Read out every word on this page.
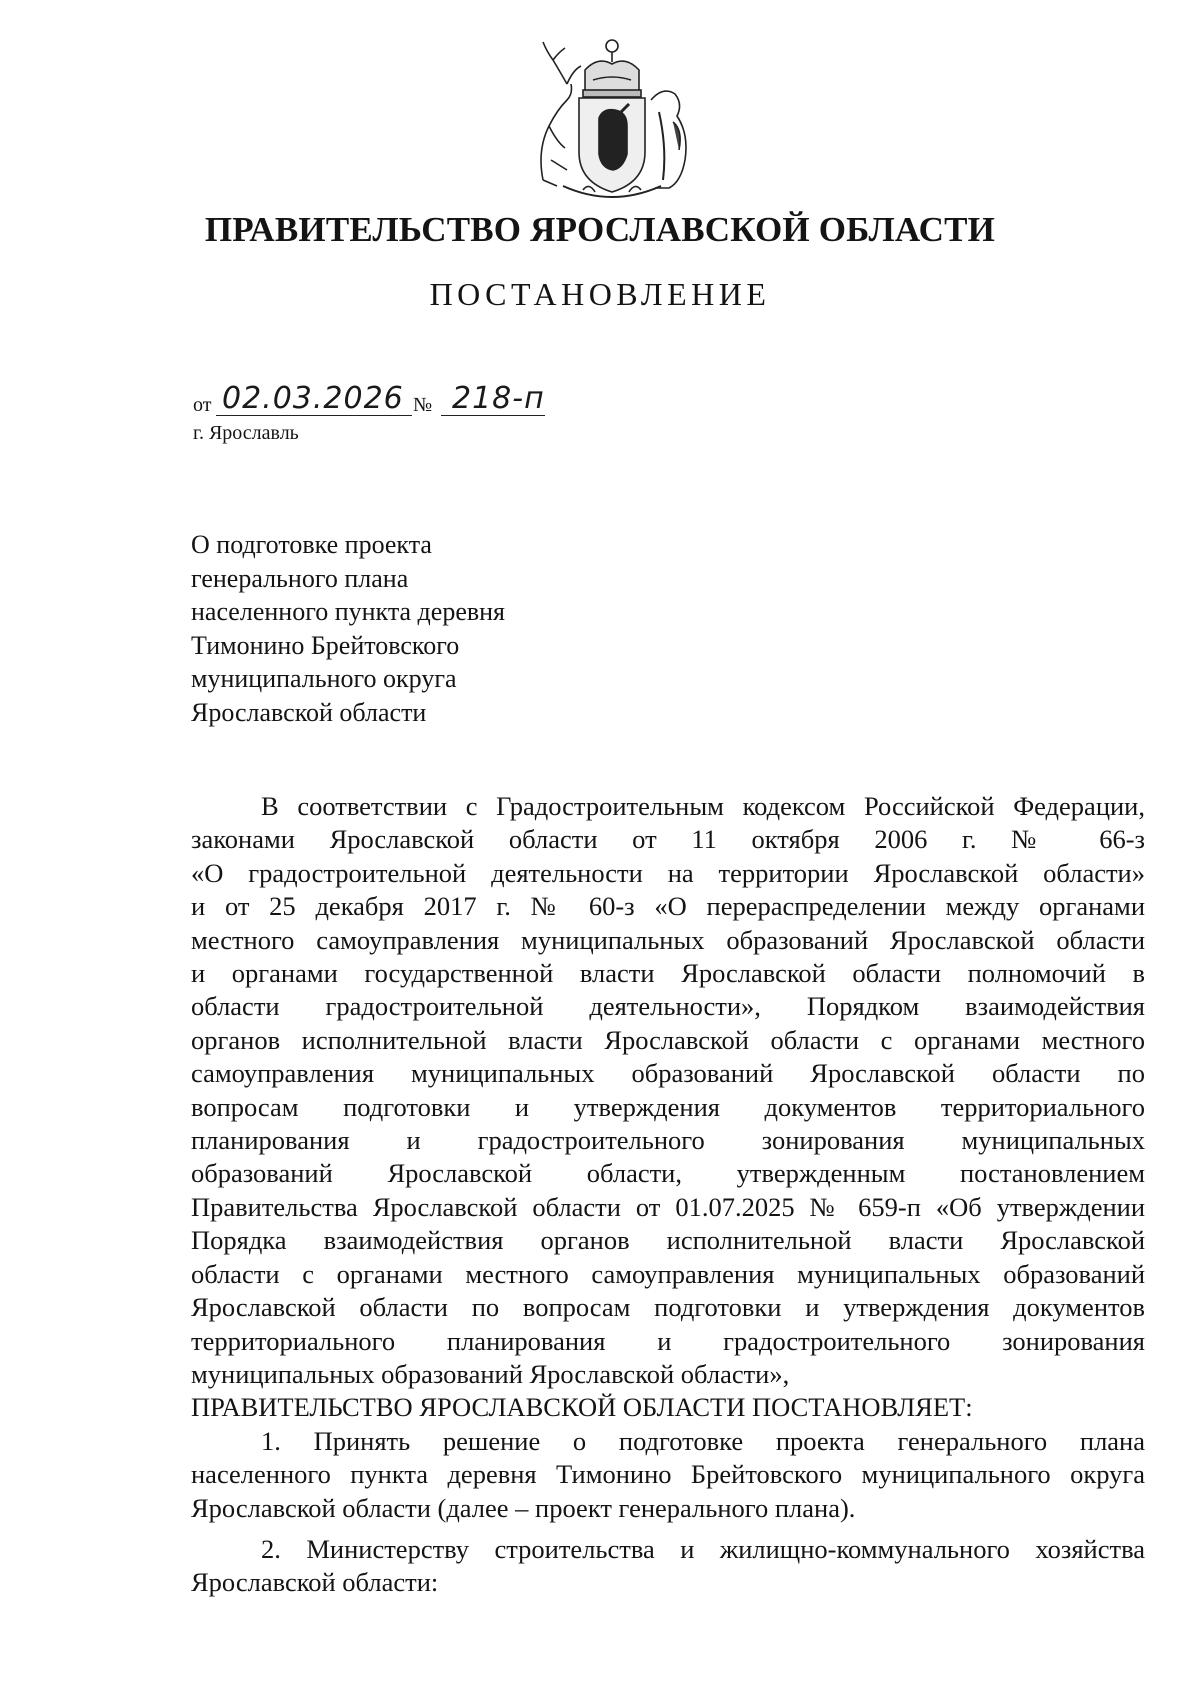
ПРАВИТЕЛЬСТВО ЯРОСЛАВСКОЙ ОБЛАСТИ
ПОСТАНОВЛЕНИЕ
от 02.03.2026 № 218-п
г. Ярославль
О подготовке проекта
генерального плана
населенного пункта деревня
Тимонино Брейтовского
муниципального округа
Ярославской области

В соответствии с Градостроительным кодексом Российской Федерации,

законами Ярославской области от 11 октября 2006 г. № 66-з

«О градостроительной деятельности на территории Ярославской области»

и от 25 декабря 2017 г. № 60-з «О перераспределении между органами

местного самоуправления муниципальных образований Ярославской области

и органами государственной власти Ярославской области полномочий в

области градостроительной деятельности», Порядком взаимодействия

органов исполнительной власти Ярославской области с органами местного

самоуправления муниципальных образований Ярославской области по

вопросам подготовки и утверждения документов территориального

планирования и градостроительного зонирования муниципальных

образований Ярославской области, утвержденным постановлением

Правительства Ярославской области от 01.07.2025 № 659-п «Об утверждении

Порядка взаимодействия органов исполнительной власти Ярославской

области с органами местного самоуправления муниципальных образований

Ярославской области по вопросам подготовки и утверждения документов

территориального планирования и градостроительного зонирования

муниципальных образований Ярославской области»,

ПРАВИТЕЛЬСТВО ЯРОСЛАВСКОЙ ОБЛАСТИ ПОСТАНОВЛЯЕТ:

1. Принять решение о подготовке проекта генерального плана

населенного пункта деревня Тимонино Брейтовского муниципального округа

Ярославской области (далее – проект генерального плана).

2. Министерству строительства и жилищно-коммунального хозяйства

Ярославской области:
